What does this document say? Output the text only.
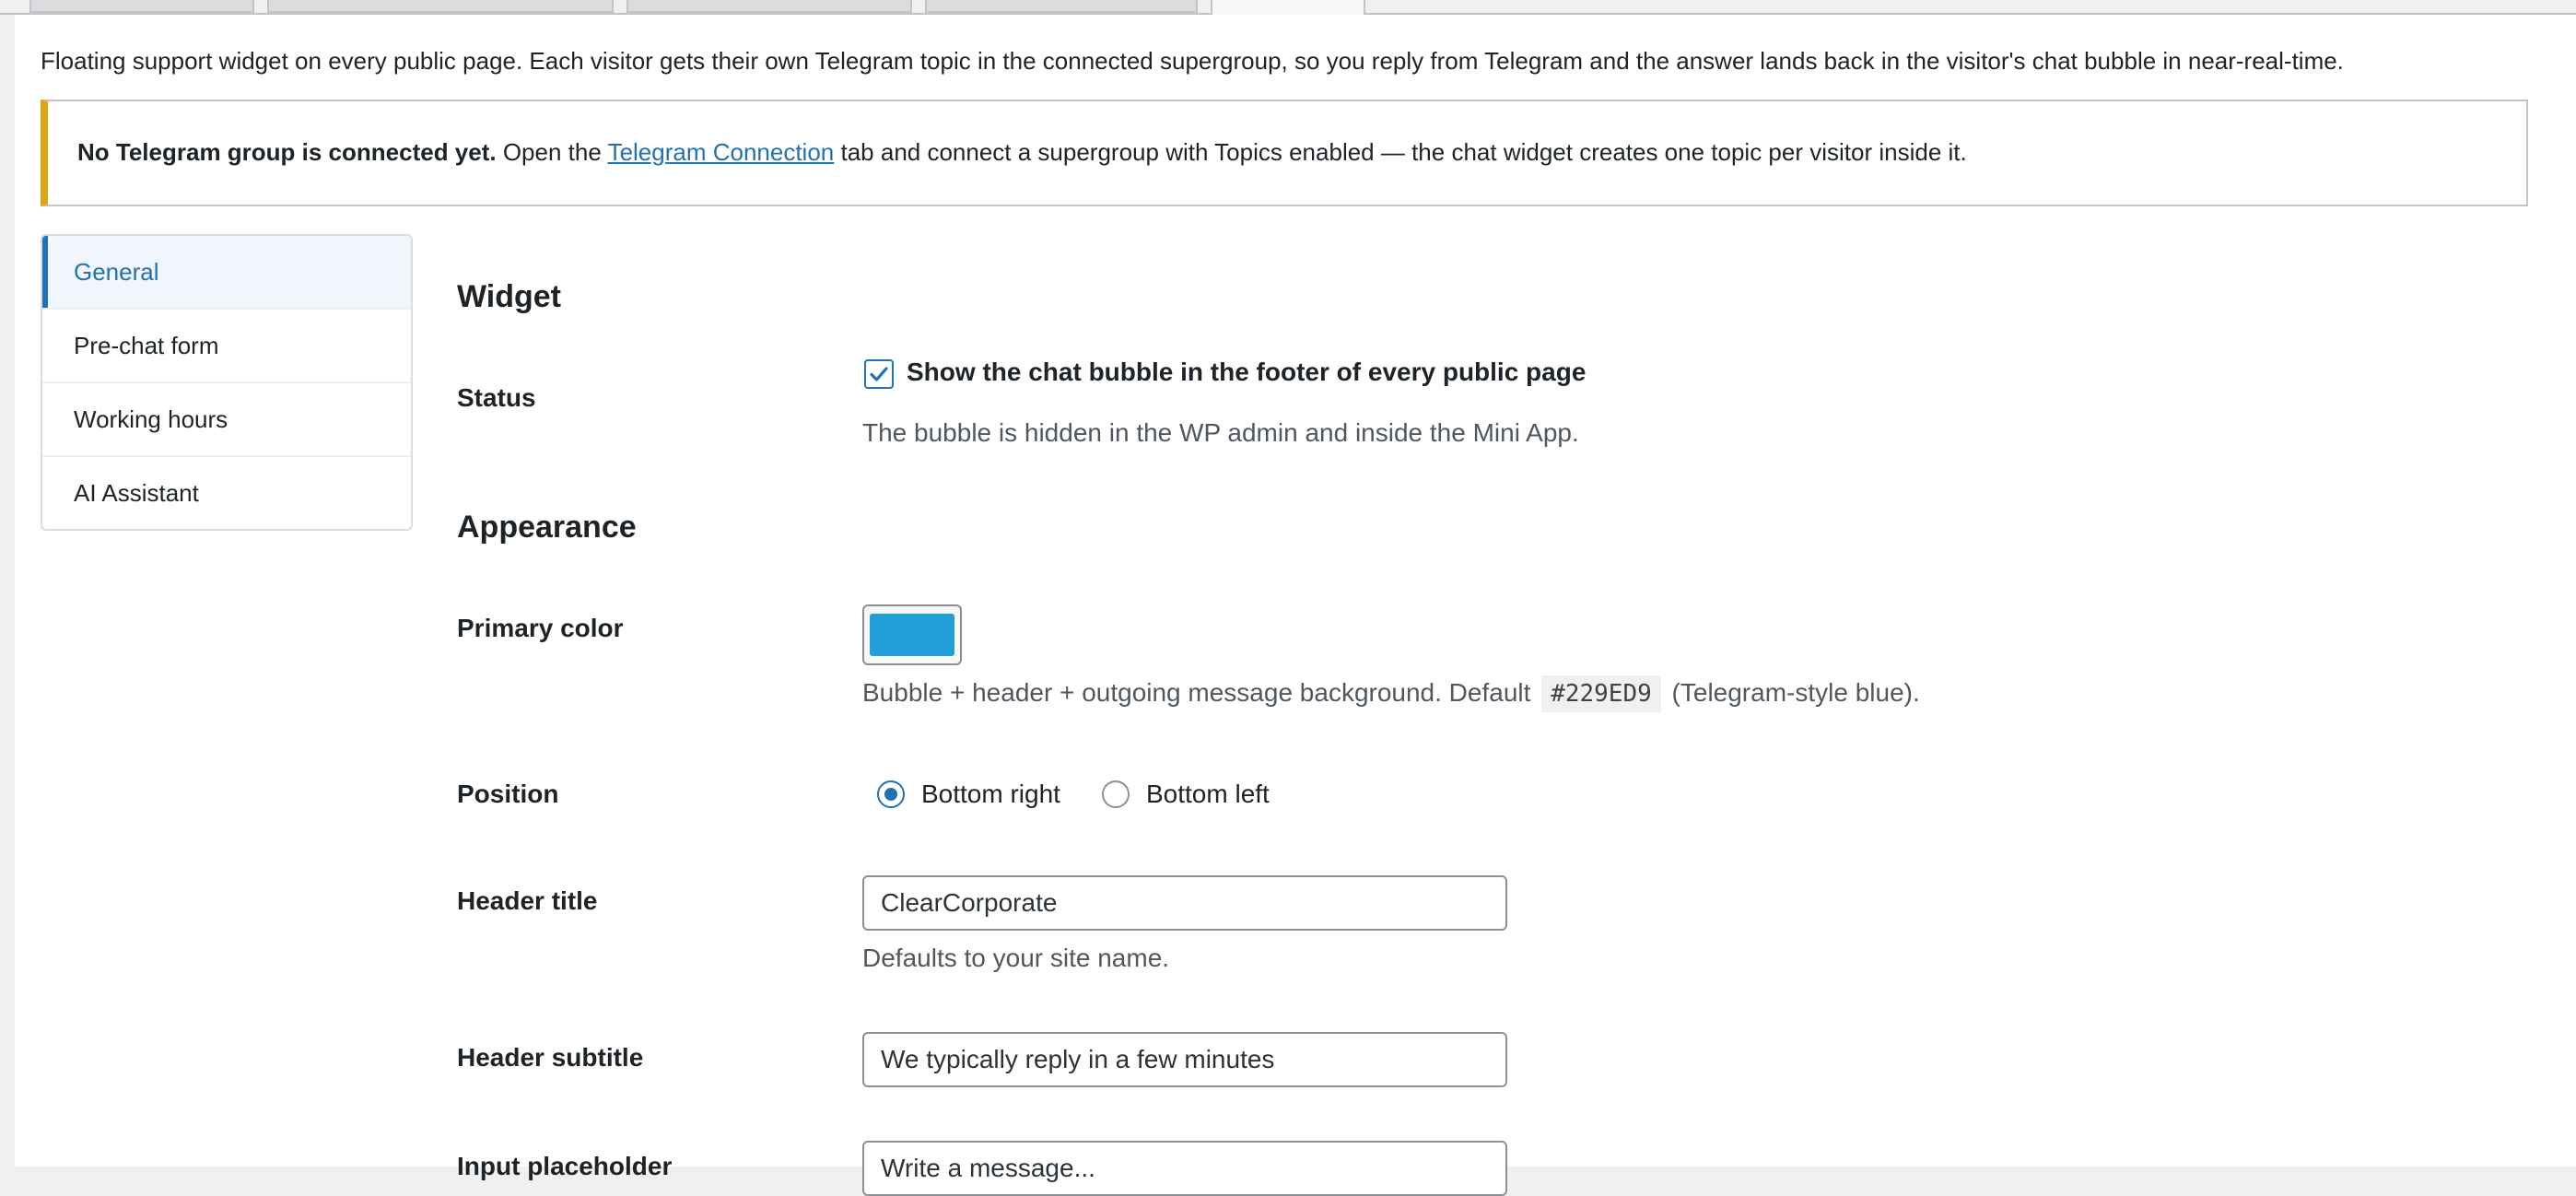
Floating support widget on every public page. Each visitor gets their own Telegram topic in the connected supergroup, so you reply from Telegram and the answer lands back in the visitor's chat bubble in near-real-time.
No Telegram group is connected yet. Open the Telegram Connection tab and connect a supergroup with Topics enabled — the chat widget creates one topic per visitor inside it.
General
Pre-chat form
Working hours
AI Assistant
Widget
Status
Show the chat bubble in the footer of every public page
The bubble is hidden in the WP admin and inside the Mini App.
Appearance
Primary color
Bubble + header + outgoing message background. Default #229ED9 (Telegram-style blue).
Position	Bottom right	Bottom left
Header title
ClearCorporate
Defaults to your site name.
Header subtitle
We typically reply in a few minutes
Input placeholder
Write a message...
